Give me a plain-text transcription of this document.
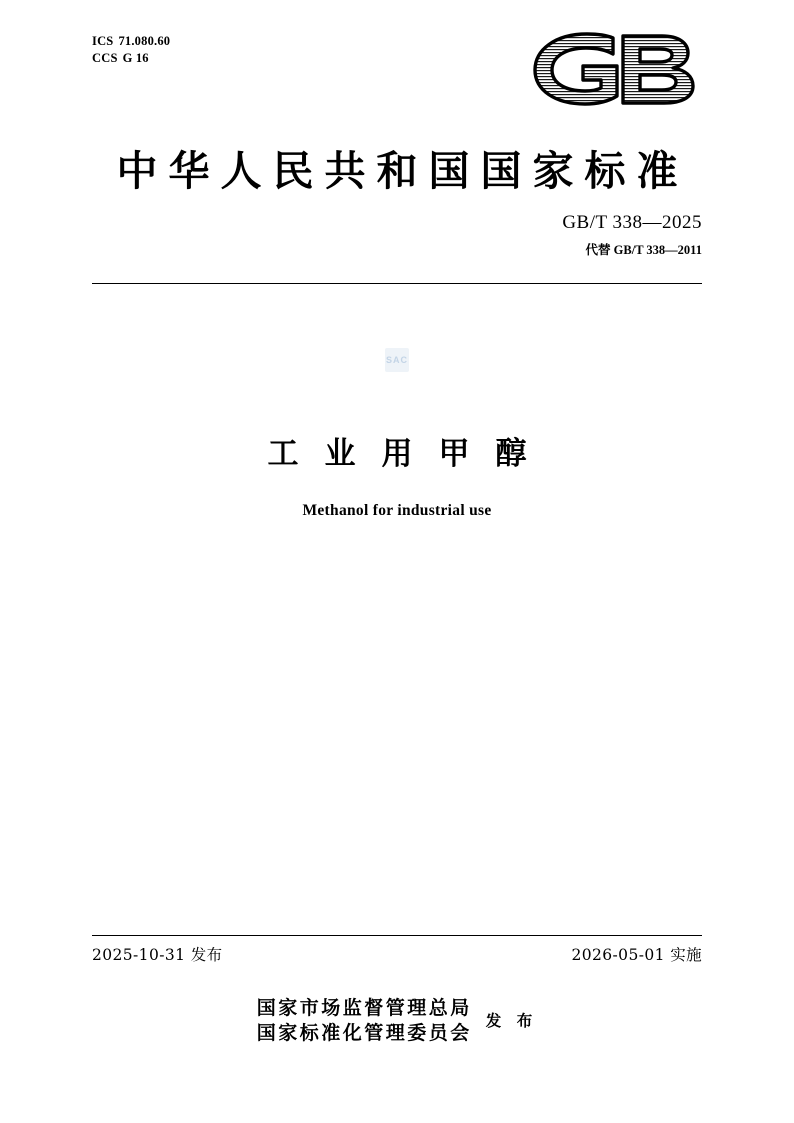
ICS 71.080.60
CCS G 16
中华人民共和国国家标准
GB/T 338—2025
代替 GB/T 338—2011
SAC
工业用甲醇
Methanol for industrial use
2025-10-31 发布	2026-05-01 实施
国家市场监督管理总局
国家标准化管理委员会
发 布
